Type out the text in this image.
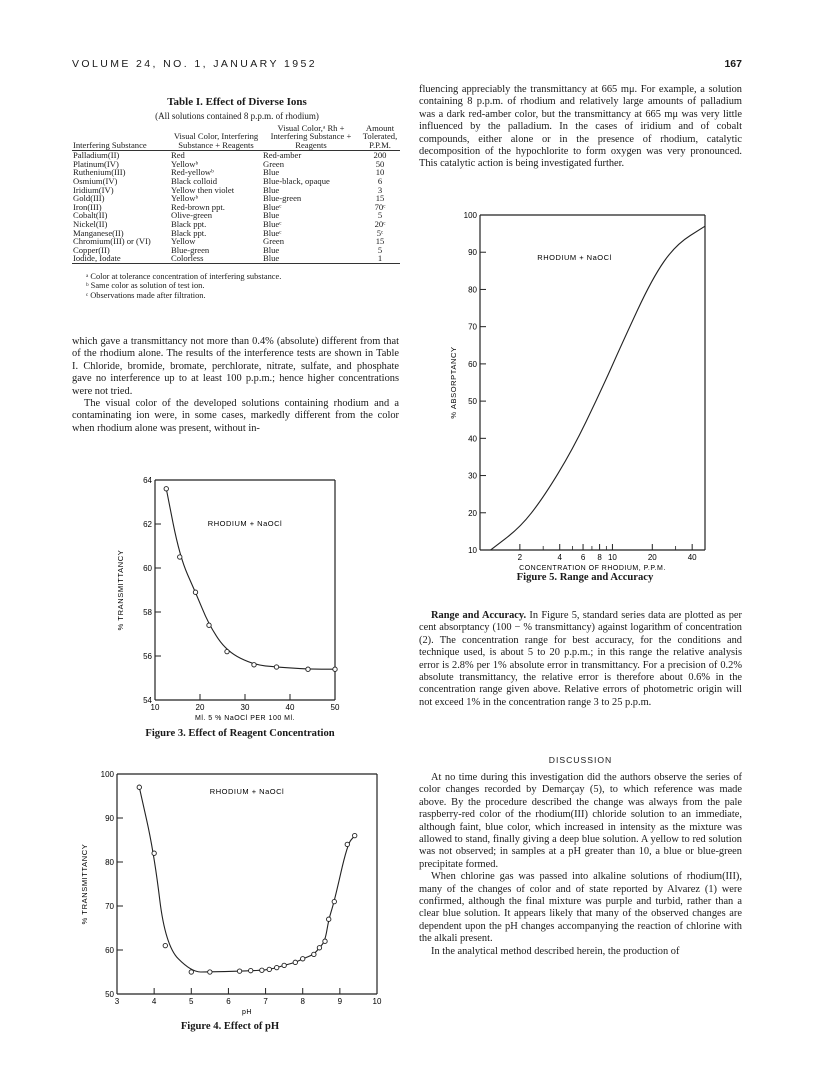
VOLUME 24, NO. 1, JANUARY 1952	167
Table I. Effect of Diverse Ions
(All solutions contained 8 p.p.m. of rhodium)
Interfering Substance	Visual Color, Interfering Substance + Reagents	Visual Color,ᵃ Rh + Interfering Substance + Reagents	Amount Tolerated, P.P.M.
Palladium(II)	Red	Red-amber	200
Platinum(IV)	Yellowᵇ	Green	50
Ruthenium(III)	Red-yellowᵇ	Blue	10
Osmium(IV)	Black colloid	Blue-black, opaque	6
Iridium(IV)	Yellow then violet	Blue	3
Gold(III)	Yellowᵇ	Blue-green	15
Iron(III)	Red-brown ppt.	Blueᶜ	70ᶜ
Cobalt(II)	Olive-green	Blue	5
Nickel(II)	Black ppt.	Blueᶜ	20ᶜ
Manganese(II)	Black ppt.	Blueᶜ	5ᶜ
Chromium(III) or (VI)	Yellow	Green	15
Copper(II)	Blue-green	Blue	5
Iodide, Iodate	Colorless	Blue	1
ᵃ Color at tolerance concentration of interfering substance.
ᵇ Same color as solution of test ion.
ᶜ Observations made after filtration.

which gave a transmittancy not more than 0.4% (absolute) different from that of the rhodium alone. The results of the interference tests are shown in Table I. Chloride, bromide, bromate, perchlorate, nitrate, sulfate, and phosphate gave no interference up to at least 100 p.p.m.; hence higher concentrations were not tried.

The visual color of the developed solutions containing rhodium and a contaminating ion were, in some cases, markedly different from the color when rhodium alone was present, without in-

fluencing appreciably the transmittancy at 665 mμ. For example, a solution containing 8 p.p.m. of rhodium and relatively large amounts of palladium was a dark red-amber color, but the transmittancy at 665 mμ was very little influenced by the palladium. In the cases of iridium and of cobalt compounds, either alone or in the presence of rhodium, catalytic decomposition of the hypochlorite to form oxygen was very pronounced. This catalytic action is being investigated further.

54
56
58
60
62
64
10	20	30	40	50
Ml. 5 % NaOCl PER 100 Ml.
% TRANSMITTANCY
RHODIUM + NaOCl
Figure 3. Effect of Reagent Concentration
50
60
70
80
90
100
3	4	5	6	7	8	9	10
pH
% TRANSMITTANCY
RHODIUM + NaOCl
Figure 4. Effect of pH
10
20
30
40
50
60
70
80
90
100
2	4 6 8 10	20	40
CONCENTRATION OF RHODIUM, P.P.M.
% ABSORPTANCY
RHODIUM + NaOCl
Figure 5. Range and Accuracy

Range and Accuracy. In Figure 5, standard series data are plotted as per cent absorptancy (100 − % transmittancy) against logarithm of concentration (2). The concentration range for best accuracy, for the conditions and technique used, is about 5 to 20 p.p.m.; in this range the relative analysis error is 2.8% per 1% absolute error in transmittancy. For a precision of 0.2% absolute transmittancy, the relative error is therefore about 0.6% in the concentration range given above. Relative errors of photometric origin will not exceed 1% in the concentration range 3 to 25 p.p.m.

DISCUSSION

At no time during this investigation did the authors observe the series of color changes recorded by Demarçay (5), to which reference was made above. By the procedure described the change was always from the pale raspberry-red color of the rhodium(III) chloride solution to an immediate, although faint, blue color, which increased in intensity as the mixture was allowed to stand, finally giving a deep blue solution. A yellow to red solution was not observed; in samples at a pH greater than 10, a blue or blue-green precipitate formed.

When chlorine gas was passed into alkaline solutions of rhodium(III), many of the changes of color and of state reported by Alvarez (1) were confirmed, although the final mixture was purple and turbid, rather than a clear blue solution. It appears likely that many of the observed changes are dependent upon the pH changes accompanying the reaction of chlorine with the alkali present.

In the analytical method described herein, the production of
